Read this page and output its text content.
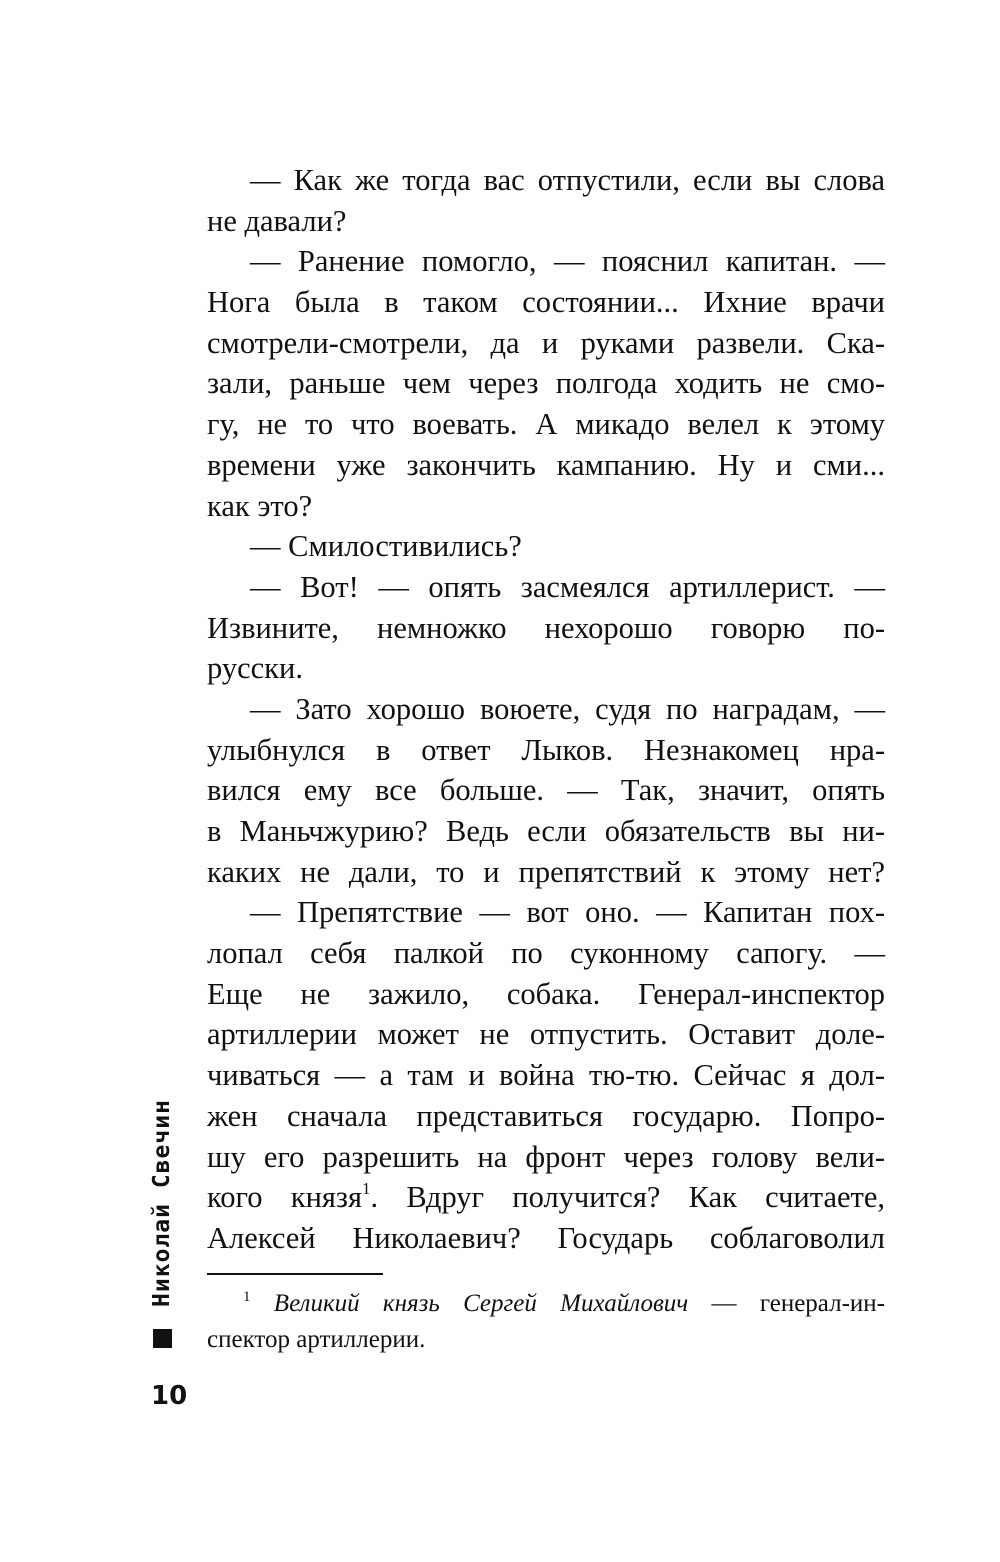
— Как же тогда вас отпустили, если вы слова
не давали?
— Ранение помогло, — пояснил капитан. —
Нога была в таком состоянии... Ихние врачи
смотрели-смотрели, да и руками развели. Ска-
зали, раньше чем через полгода ходить не смо-
гу, не то что воевать. А микадо велел к этому
времени уже закончить кампанию. Ну и сми...
как это?
— Смилостивились?
— Вот! — опять засмеялся артиллерист. —
Извините, немножко нехорошо говорю по-
русски.
— Зато хорошо воюете, судя по наградам, —
улыбнулся в ответ Лыков. Незнакомец нра-
вился ему все больше. — Так, значит, опять
в Маньчжурию? Ведь если обязательств вы ни-
каких не дали, то и препятствий к этому нет?
— Препятствие — вот оно. — Капитан пох-
лопал себя палкой по суконному сапогу. —
Еще не зажило, собака. Генерал-инспектор
артиллерии может не отпустить. Оставит доле-
чиваться — а там и война тю-тю. Сейчас я дол-
жен сначала представиться государю. Попро-
шу его разрешить на фронт через голову вели-
кого князя$^1$. Вдруг получится? Как считаете,
Алексей Николаевич? Государь соблаговолил
$^1$ Великий князь Сергей Михайлович — генерал-ин-
спектор артиллерии.
Николай Свечин
10
